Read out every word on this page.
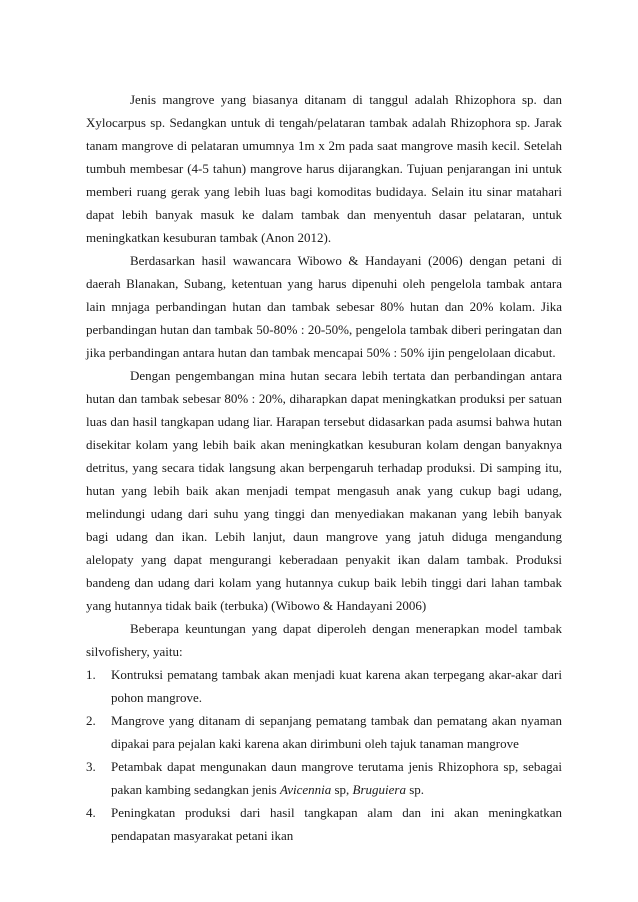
Jenis mangrove yang biasanya ditanam di tanggul adalah Rhizophora sp. dan Xylocarpus sp. Sedangkan untuk di tengah/pelataran tambak adalah Rhizophora sp. Jarak tanam mangrove di pelataran umumnya 1m x 2m pada saat mangrove masih kecil. Setelah tumbuh membesar (4-5 tahun) mangrove harus dijarangkan. Tujuan penjarangan ini untuk memberi ruang gerak yang lebih luas bagi komoditas budidaya. Selain itu sinar matahari dapat lebih banyak masuk ke dalam tambak dan menyentuh dasar pelataran, untuk meningkatkan kesuburan tambak (Anon 2012).

Berdasarkan hasil wawancara Wibowo & Handayani (2006) dengan petani di daerah Blanakan, Subang, ketentuan yang harus dipenuhi oleh pengelola tambak antara lain mnjaga perbandingan hutan dan tambak sebesar 80% hutan dan 20% kolam. Jika perbandingan hutan dan tambak 50-80% : 20-50%, pengelola tambak diberi peringatan dan jika perbandingan antara hutan dan tambak mencapai 50% : 50% ijin pengelolaan dicabut.

Dengan pengembangan mina hutan secara lebih tertata dan perbandingan antara hutan dan tambak sebesar 80% : 20%, diharapkan dapat meningkatkan produksi per satuan luas dan hasil tangkapan udang liar. Harapan tersebut didasarkan pada asumsi bahwa hutan disekitar kolam yang lebih baik akan meningkatkan kesuburan kolam dengan banyaknya detritus, yang secara tidak langsung akan berpengaruh terhadap produksi. Di samping itu, hutan yang lebih baik akan menjadi tempat mengasuh anak yang cukup bagi udang, melindungi udang dari suhu yang tinggi dan menyediakan makanan yang lebih banyak bagi udang dan ikan. Lebih lanjut, daun mangrove yang jatuh diduga mengandung alelopaty yang dapat mengurangi keberadaan penyakit ikan dalam tambak. Produksi bandeng dan udang dari kolam yang hutannya cukup baik lebih tinggi dari lahan tambak yang hutannya tidak baik (terbuka) (Wibowo & Handayani 2006)

Beberapa keuntungan yang dapat diperoleh dengan menerapkan model tambak silvofishery, yaitu:

1. Kontruksi pematang tambak akan menjadi kuat karena akan terpegang akar-akar dari pohon mangrove.
2. Mangrove yang ditanam di sepanjang pematang tambak dan pematang akan nyaman dipakai para pejalan kaki karena akan dirimbuni oleh tajuk tanaman mangrove
3. Petambak dapat mengunakan daun mangrove terutama jenis Rhizophora sp, sebagai pakan kambing sedangkan jenis Avicennia sp, Bruguiera sp.
4. Peningkatan produksi dari hasil tangkapan alam dan ini akan meningkatkan pendapatan masyarakat petani ikan
